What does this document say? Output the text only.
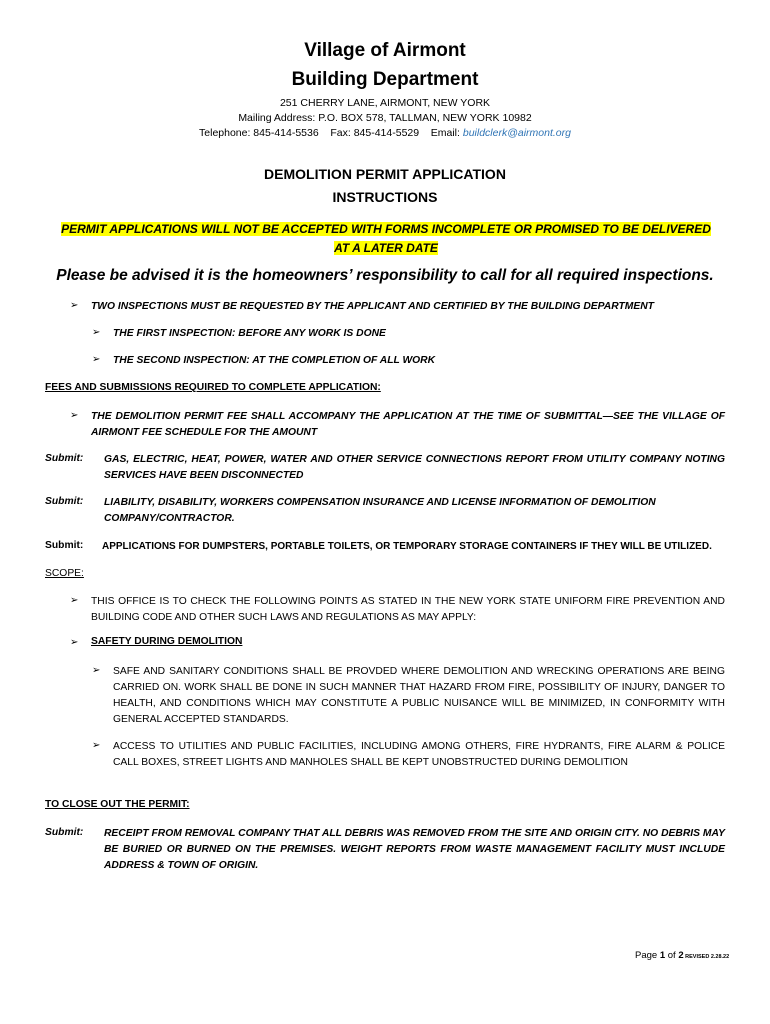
Village of Airmont
Building Department
251 CHERRY LANE, AIRMONT, NEW YORK
Mailing Address: P.O. BOX 578, TALLMAN, NEW YORK 10982
Telephone: 845-414-5536    Fax: 845-414-5529    Email: buildclerk@airmont.org
DEMOLITION PERMIT APPLICATION
INSTRUCTIONS
PERMIT APPLICATIONS WILL NOT BE ACCEPTED WITH FORMS INCOMPLETE OR PROMISED TO BE DELIVERED
AT A LATER DATE
Please be advised it is the homeowners’ responsibility to call for all required inspections.
➢ TWO INSPECTIONS MUST BE REQUESTED BY THE APPLICANT AND CERTIFIED BY THE BUILDING DEPARTMENT
➢ THE FIRST INSPECTION: BEFORE ANY WORK IS DONE
➢ THE SECOND INSPECTION: AT THE COMPLETION OF ALL WORK
FEES AND SUBMISSIONS REQUIRED TO COMPLETE APPLICATION:
➢ THE DEMOLITION PERMIT FEE SHALL ACCOMPANY THE APPLICATION AT THE TIME OF SUBMITTAL—SEE THE VILLAGE OF AIRMONT FEE SCHEDULE FOR THE AMOUNT
Submit: GAS, ELECTRIC, HEAT, POWER, WATER AND OTHER SERVICE CONNECTIONS REPORT FROM UTILITY COMPANY NOTING SERVICES HAVE BEEN DISCONNECTED
Submit: LIABILITY, DISABILITY, WORKERS COMPENSATION INSURANCE AND LICENSE INFORMATION OF DEMOLITION COMPANY/CONTRACTOR.
Submit: APPLICATIONS FOR DUMPSTERS, PORTABLE TOILETS, OR TEMPORARY STORAGE CONTAINERS IF THEY WILL BE UTILIZED.
SCOPE:
➢ THIS OFFICE IS TO CHECK THE FOLLOWING POINTS AS STATED IN THE NEW YORK STATE UNIFORM FIRE PREVENTION AND BUILDING CODE AND OTHER SUCH LAWS AND REGULATIONS AS MAY APPLY:
➢ SAFETY DURING DEMOLITION
➢ SAFE AND SANITARY CONDITIONS SHALL BE PROVDED WHERE DEMOLITION AND WRECKING OPERATIONS ARE BEING CARRIED ON. WORK SHALL BE DONE IN SUCH MANNER THAT HAZARD FROM FIRE, POSSIBILITY OF INJURY, DANGER TO HEALTH, AND CONDITIONS WHICH MAY CONSTITUTE A PUBLIC NUISANCE WILL BE MINIMIZED, IN CONFORMITY WITH GENERAL ACCEPTED STANDARDS.
➢ ACCESS TO UTILITIES AND PUBLIC FACILITIES, INCLUDING AMONG OTHERS, FIRE HYDRANTS, FIRE ALARM & POLICE CALL BOXES, STREET LIGHTS AND MANHOLES SHALL BE KEPT UNOBSTRUCTED DURING DEMOLITION
TO CLOSE OUT THE PERMIT:
Submit: RECEIPT FROM REMOVAL COMPANY THAT ALL DEBRIS WAS REMOVED FROM THE SITE AND ORIGIN CITY. NO DEBRIS MAY BE BURIED OR BURNED ON THE PREMISES. WEIGHT REPORTS FROM WASTE MANAGEMENT FACILITY MUST INCLUDE ADDRESS & TOWN OF ORIGIN.
Page 1 of 2 REVISED 2.28.22
